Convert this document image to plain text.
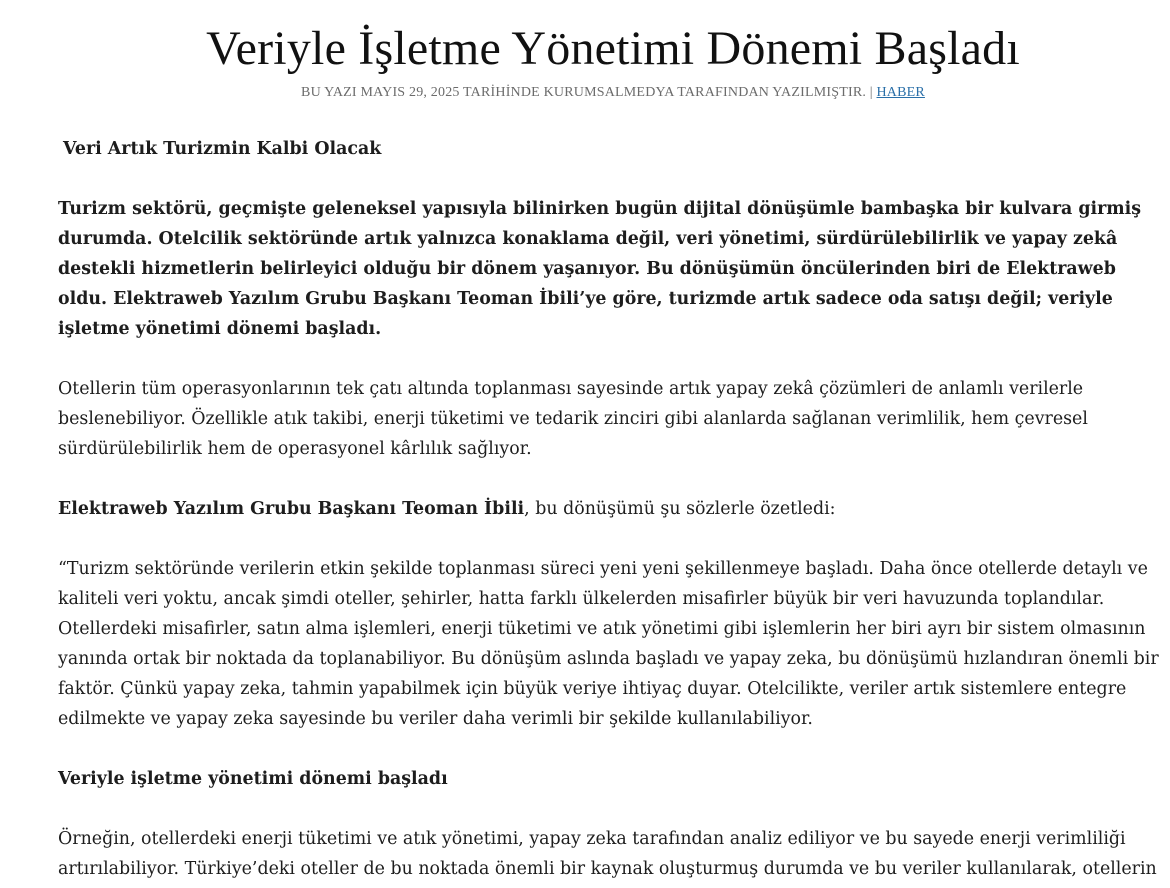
Veriyle İşletme Yönetimi Dönemi Başladı
BU YAZI MAYIS 29, 2025 TARİHİNDE KURUMSALMEDYA TARAFINDAN YAZILMIŞTIR. | HABER

Veri Artık Turizmin Kalbi Olacak

Turizm sektörü, geçmişte geleneksel yapısıyla bilinirken bugün dijital dönüşümle bambaşka bir kulvara girmiş durumda. Otelcilik sektöründe artık yalnızca konaklama değil, veri yönetimi, sürdürülebilirlik ve yapay zekâ destekli hizmetlerin belirleyici olduğu bir dönem yaşanıyor. Bu dönüşümün öncülerinden biri de Elektraweb oldu. Elektraweb Yazılım Grubu Başkanı Teoman İbili’ye göre, turizmde artık sadece oda satışı değil; veriyle işletme yönetimi dönemi başladı.

Otellerin tüm operasyonlarının tek çatı altında toplanması sayesinde artık yapay zekâ çözümleri de anlamlı verilerle beslenebiliyor. Özellikle atık takibi, enerji tüketimi ve tedarik zinciri gibi alanlarda sağlanan verimlilik, hem çevresel sürdürülebilirlik hem de operasyonel kârlılık sağlıyor.

Elektraweb Yazılım Grubu Başkanı Teoman İbili, bu dönüşümü şu sözlerle özetledi:

“Turizm sektöründe verilerin etkin şekilde toplanması süreci yeni yeni şekillenmeye başladı. Daha önce otellerde detaylı ve kaliteli veri yoktu, ancak şimdi oteller, şehirler, hatta farklı ülkelerden misafirler büyük bir veri havuzunda toplandılar. Otellerdeki misafirler, satın alma işlemleri, enerji tüketimi ve atık yönetimi gibi işlemlerin her biri ayrı bir sistem olmasının yanında ortak bir noktada da toplanabiliyor. Bu dönüşüm aslında başladı ve yapay zeka, bu dönüşümü hızlandıran önemli bir faktör. Çünkü yapay zeka, tahmin yapabilmek için büyük veriye ihtiyaç duyar. Otelcilikte, veriler artık sistemlere entegre edilmekte ve yapay zeka sayesinde bu veriler daha verimli bir şekilde kullanılabiliyor.

Veriyle işletme yönetimi dönemi başladı

Örneğin, otellerdeki enerji tüketimi ve atık yönetimi, yapay zeka tarafından analiz ediliyor ve bu sayede enerji verimliliği artırılabiliyor. Türkiye’deki oteller de bu noktada önemli bir kaynak oluşturmuş durumda ve bu veriler kullanılarak, otellerin
